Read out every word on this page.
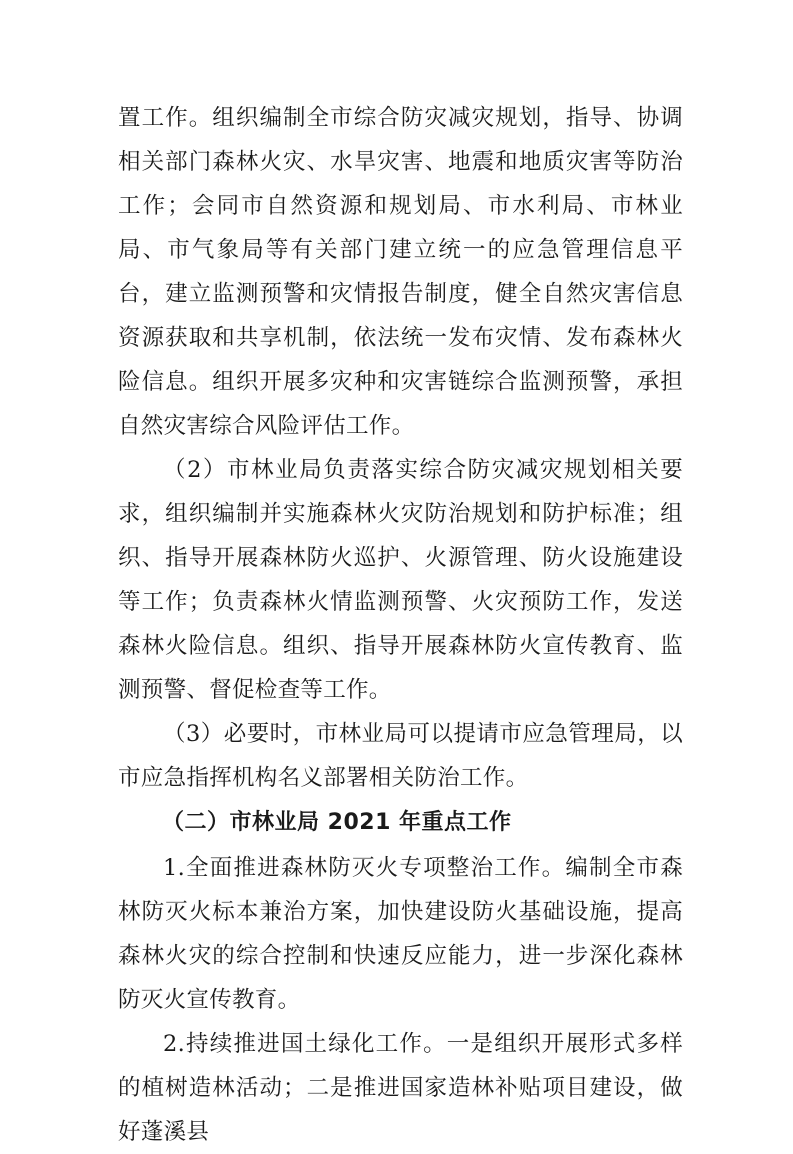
置工作。组织编制全市综合防灾减灾规划，指导、协调相关部门森林火灾、水旱灾害、地震和地质灾害等防治工作；会同市自然资源和规划局、市水利局、市林业局、市气象局等有关部门建立统一的应急管理信息平台，建立监测预警和灾情报告制度，健全自然灾害信息资源获取和共享机制，依法统一发布灾情、发布森林火险信息。组织开展多灾种和灾害链综合监测预警，承担自然灾害综合风险评估工作。

（2）市林业局负责落实综合防灾减灾规划相关要求，组织编制并实施森林火灾防治规划和防护标准；组织、指导开展森林防火巡护、火源管理、防火设施建设等工作；负责森林火情监测预警、火灾预防工作，发送森林火险信息。组织、指导开展森林防火宣传教育、监测预警、督促检查等工作。

（3）必要时，市林业局可以提请市应急管理局，以市应急指挥机构名义部署相关防治工作。

（二）市林业局 2021 年重点工作

1.全面推进森林防灭火专项整治工作。编制全市森林防灭火标本兼治方案，加快建设防火基础设施，提高森林火灾的综合控制和快速反应能力，进一步深化森林防灭火宣传教育。

2.持续推进国土绿化工作。一是组织开展形式多样的植树造林活动；二是推进国家造林补贴项目建设，做好蓬溪县
